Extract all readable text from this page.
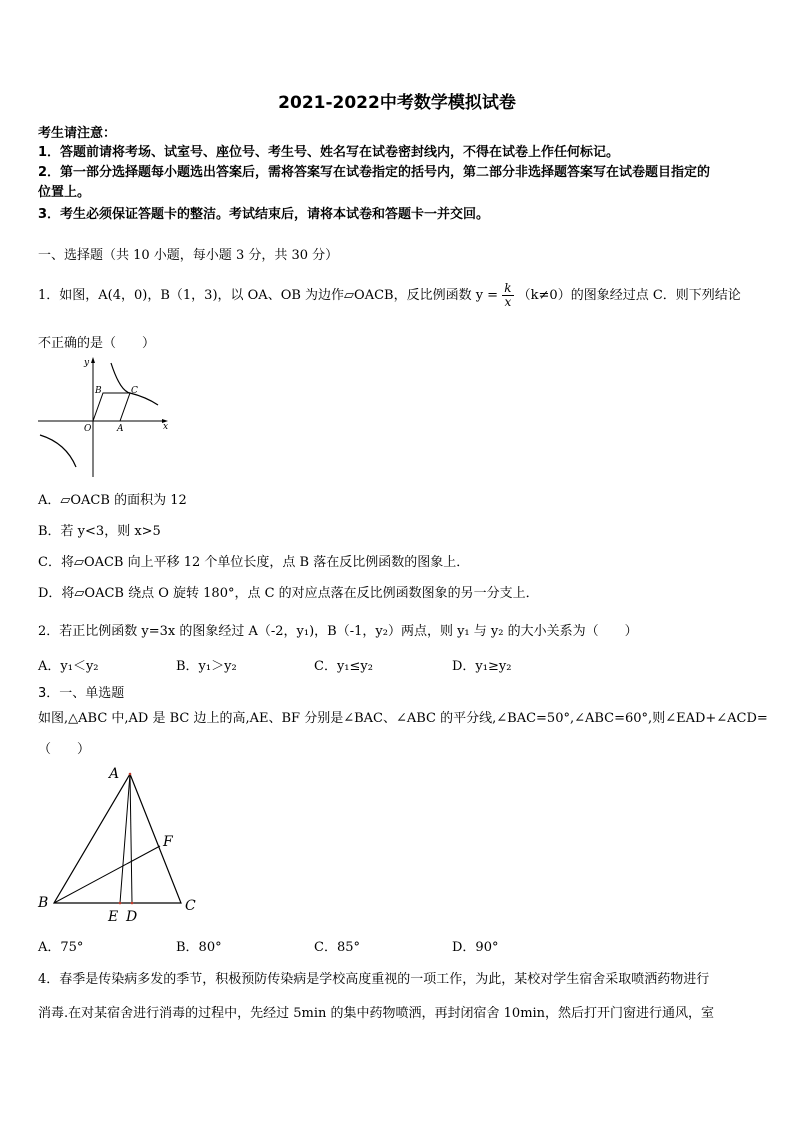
2021-2022中考数学模拟试卷
考生请注意：
1．答题前请将考场、试室号、座位号、考生号、姓名写在试卷密封线内，不得在试卷上作任何标记。
2．第一部分选择题每小题选出答案后，需将答案写在试卷指定的括号内，第二部分非选择题答案写在试卷题目指定的
位置上。
3．考生必须保证答题卡的整洁。考试结束后，请将本试卷和答题卡一并交回。
一、选择题（共 10 小题，每小题 3 分，共 30 分）
1．如图，A(4，0)，B（1，3)，以 OA、OB 为边作▱OACB，反比例函数 $y = \frac{k}{x} (k\ne 0)$的图象经过点 C．则下列结论
不正确的是（　　）
y
x
O	A
B	C
A．▱OACB 的面积为 12
B．若 y<3，则 x>5
C．将▱OACB 向上平移 12 个单位长度，点 B 落在反比例函数的图象上．
D．将▱OACB 绕点 O 旋转 180°，点 C 的对应点落在反比例函数图象的另一分支上．
2．若正比例函数 y=3x 的图象经过 A（-2，y₁)，B（-1，y₂）两点，则 y₁ 与 y₂ 的大小关系为（　　）
A．y₁＜y₂	B．y₁＞y₂	C．y₁≤y₂	D．y₁≥y₂
3．一、单选题
如图,△ABC 中,AD 是 BC 边上的高,AE、BF 分别是∠BAC、∠ABC 的平分线,∠BAC=50°,∠ABC=60°,则∠EAD+∠ACD=
（　　）
A
B	C
D
E
F
A．75°	B．80°	C．85°	D．90°
4．春季是传染病多发的季节，积极预防传染病是学校高度重视的一项工作，为此，某校对学生宿舍采取喷洒药物进行
消毒.在对某宿舍进行消毒的过程中，先经过 5min 的集中药物喷洒，再封闭宿舍 10min，然后打开门窗进行通风，室
